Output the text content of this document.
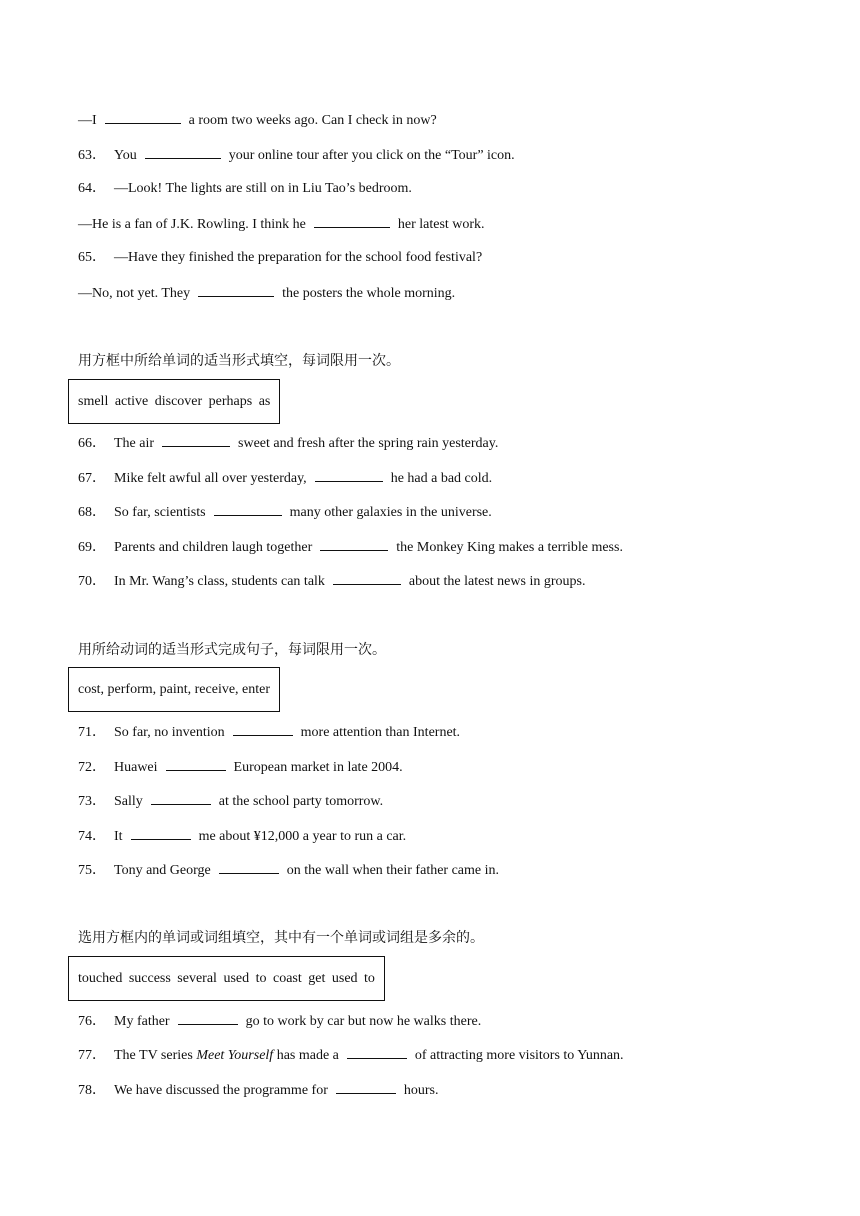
—I	a room two weeks ago. Can I check in now?
63． You	your online tour after you click on the “Tour” icon.
64． —Look! The lights are still on in Liu Tao’s bedroom.
—He is a fan of J.K. Rowling. I think he	her latest work.
65． —Have they finished the preparation for the school food festival?
—No, not yet. They	the posters the whole morning.
用方框中所给单词的适当形式填空，每词限用一次。
smell active discover perhaps as
66． The air	sweet and fresh after the spring rain yesterday.
67． Mike felt awful all over yesterday,	he had a bad cold.
68． So far, scientists	many other galaxies in the universe.
69． Parents and children laugh together	the Monkey King makes a terrible mess.
70． In Mr. Wang’s class, students can talk	about the latest news in groups.
用所给动词的适当形式完成句子，每词限用一次。
cost, perform, paint, receive, enter
71． So far, no invention	more attention than Internet.
72． Huawei	European market in late 2004.
73． Sally	at the school party tomorrow.
74． It	me about ¥12,000 a year to run a car.
75． Tony and George	on the wall when their father came in.
选用方框内的单词或词组填空，其中有一个单词或词组是多余的。
touched success several used to coast get used to
76． My father	go to work by car but now he walks there.
77． The TV series Meet Yourself has made a	of attracting more visitors to Yunnan.
78． We have discussed the programme for	hours.
